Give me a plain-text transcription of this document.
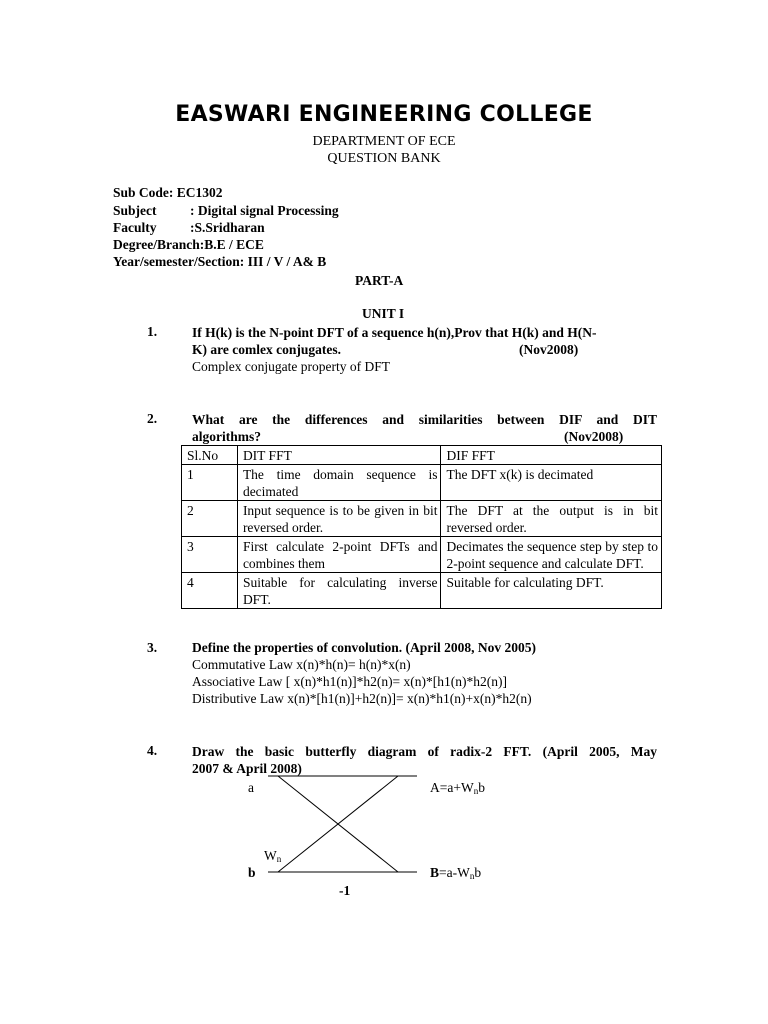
EASWARI ENGINEERING COLLEGE
DEPARTMENT OF ECE
QUESTION BANK
Sub Code: EC1302
Subject : Digital signal Processing
Faculty :S.Sridharan
Degree/Branch:B.E / ECE
Year/semester/Section: III / V / A& B
PART-A
UNIT I
1.	If H(k) is the N-point DFT of a sequence h(n),Prov that H(k) and H(N-
K) are comlex conjugates.	(Nov2008)
Complex conjugate property of DFT
2.	What are the differences and similarities between DIF and DIT
algorithms?	(Nov2008)
Sl.No	DIT FFT	DIF FFT
1	The time domain sequence is decimated	The DFT x(k) is decimated
2	Input sequence is to be given in bit reversed order.	The DFT at the output is in bit reversed order.
3	First calculate 2-point DFTs and combines them	Decimates the sequence step by step to 2-point sequence and calculate DFT.
4	Suitable for calculating inverse DFT.	Suitable for calculating DFT.
3.	Define the properties of convolution. (April 2008, Nov 2005)
Commutative Law x(n)*h(n)= h(n)*x(n)
Associative Law [ x(n)*h1(n)]*h2(n)= x(n)*[h1(n)*h2(n)]
Distributive Law x(n)*[h1(n)]+h2(n)]= x(n)*h1(n)+x(n)*h2(n)
4.	Draw the basic butterfly diagram of radix-2 FFT. (April 2005, May
2007 & April 2008)
a
b
$W_n$
$A=a+W_nb$
$B=a-W_nb$
-1
